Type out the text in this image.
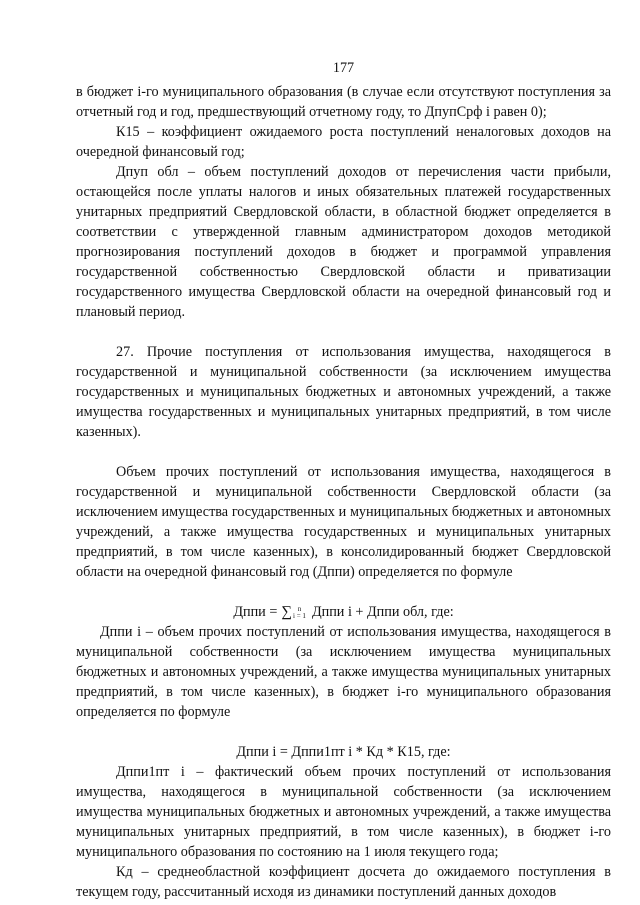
177

в бюджет i-го муниципального образования (в случае если отсутствуют поступления за отчетный год и год, предшествующий отчетному году, то ДпупСрф i равен 0);

К15 – коэффициент ожидаемого роста поступлений неналоговых доходов на очередной финансовый год;

Дпуп обл – объем поступлений доходов от перечисления части прибыли, остающейся после уплаты налогов и иных обязательных платежей государственных унитарных предприятий Свердловской области, в областной бюджет определяется в соответствии с утвержденной главным администратором доходов методикой прогнозирования поступлений доходов в бюджет и программой управления государственной собственностью Свердловской области и приватизации государственного имущества Свердловской области на очередной финансовый год и плановый период.

27. Прочие поступления от использования имущества, находящегося в государственной и муниципальной собственности (за исключением имущества государственных и муниципальных бюджетных и автономных учреждений, а также имущества государственных и муниципальных унитарных предприятий, в том числе казенных).

Объем прочих поступлений от использования имущества, находящегося в государственной и муниципальной собственности Свердловской области (за исключением имущества государственных и муниципальных бюджетных и автономных учреждений, а также имущества государственных и муниципальных унитарных предприятий, в том числе казенных), в консолидированный бюджет Свердловской области на очередной финансовый год (Дппи) определяется по формуле

Дппи = ∑ n
i = 1 Дппи i + Дппи обл, где:

Дппи i – объем прочих поступлений от использования имущества, находящегося в муниципальной собственности (за исключением имущества муниципальных бюджетных и автономных учреждений, а также имущества муниципальных унитарных предприятий, в том числе казенных), в бюджет i-го муниципального образования определяется по формуле

Дппи i = Дппи1пт i * Кд * К15, где:

Дппи1пт i – фактический объем прочих поступлений от использования имущества, находящегося в муниципальной собственности (за исключением имущества муниципальных бюджетных и автономных учреждений, а также имущества муниципальных унитарных предприятий, в том числе казенных), в бюджет i-го муниципального образования по состоянию на 1 июля текущего года;

Кд – среднеобластной коэффициент досчета до ожидаемого поступления в текущем году, рассчитанный исходя из динамики поступлений данных доходов
